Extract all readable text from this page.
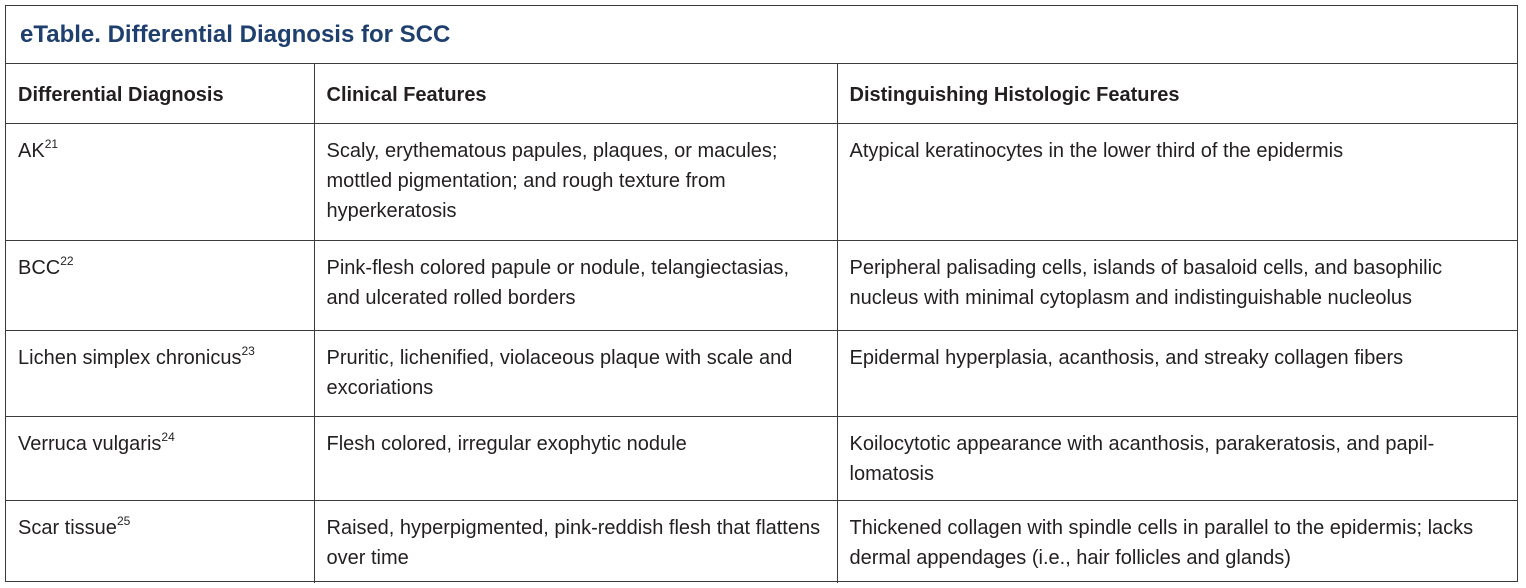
eTable. Differential Diagnosis for SCC
Differential Diagnosis	Clinical Features	Distinguishing Histologic Features
AK$^{21}$	Scaly, erythematous papules, plaques, or macules; mottled pigmentation; and rough texture from hyperkeratosis	Atypical keratinocytes in the lower third of the epidermis
BCC$^{22}$	Pink-flesh colored papule or nodule, telangiectasias, and ulcerated rolled borders	Peripheral palisading cells, islands of basaloid cells, and basophilic nucleus with minimal cytoplasm and indistinguishable nucleolus
Lichen simplex chronicus$^{23}$	Pruritic, lichenified, violaceous plaque with scale and excoriations	Epidermal hyperplasia, acanthosis, and streaky collagen fibers
Verruca vulgaris$^{24}$	Flesh colored, irregular exophytic nodule	Koilocytotic appearance with acanthosis, parakeratosis, and papil-lomatosis
Scar tissue$^{25}$	Raised, hyperpigmented, pink-reddish flesh that flattens over time	Thickened collagen with spindle cells in parallel to the epidermis; lacks dermal appendages (i.e., hair follicles and glands)
